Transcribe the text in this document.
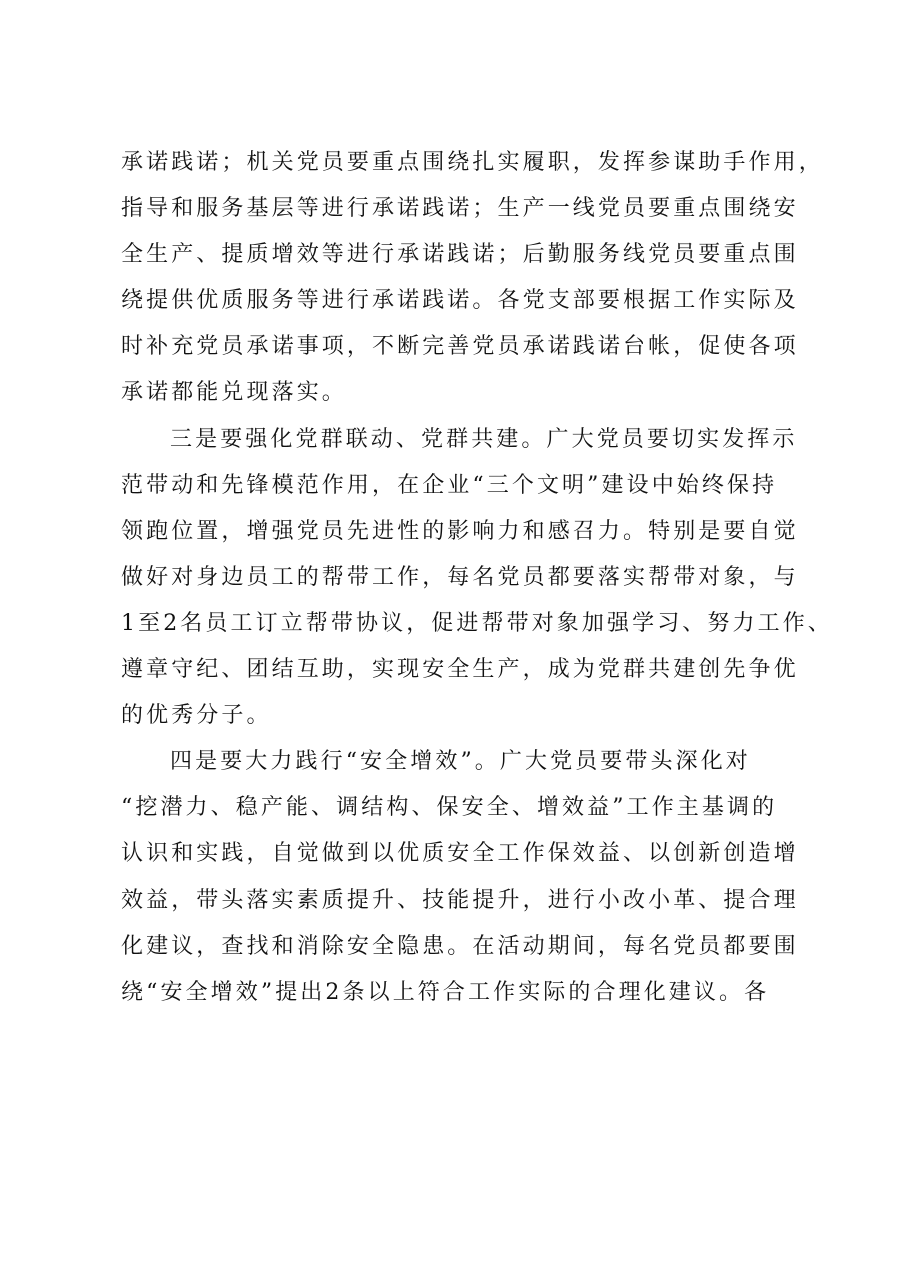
承诺践诺；机关党员要重点围绕扎实履职，发挥参谋助手作用，
指导和服务基层等进行承诺践诺；生产一线党员要重点围绕安
全生产、提质增效等进行承诺践诺；后勤服务线党员要重点围
绕提供优质服务等进行承诺践诺。各党支部要根据工作实际及
时补充党员承诺事项，不断完善党员承诺践诺台帐，促使各项
承诺都能兑现落实。
三是要强化党群联动、党群共建。广大党员要切实发挥示
范带动和先锋模范作用，在企业“三个文明”建设中始终保持
领跑位置，增强党员先进性的影响力和感召力。特别是要自觉
做好对身边员工的帮带工作，每名党员都要落实帮带对象，与
1至2名员工订立帮带协议，促进帮带对象加强学习、努力工作、
遵章守纪、团结互助，实现安全生产，成为党群共建创先争优
的优秀分子。
四是要大力践行“安全增效”。广大党员要带头深化对
“挖潜力、稳产能、调结构、保安全、增效益”工作主基调的
认识和实践，自觉做到以优质安全工作保效益、以创新创造增
效益，带头落实素质提升、技能提升，进行小改小革、提合理
化建议，查找和消除安全隐患。在活动期间，每名党员都要围
绕“安全增效”提出2条以上符合工作实际的合理化建议。各
